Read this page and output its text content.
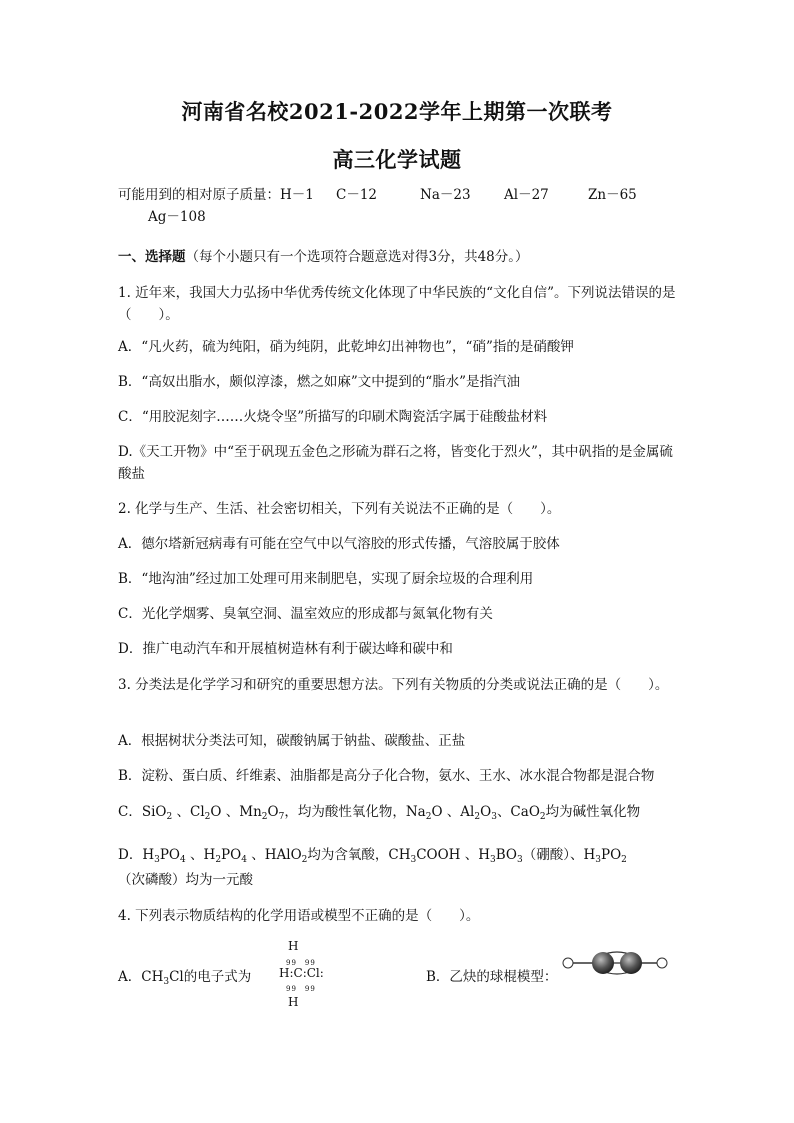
河南省名校2021-2022学年上期第一次联考
高三化学试题
可能用到的相对原子质量：H－1 C－12	Na－23 Al－27	Zn－65
Ag－108
一、选择题（每个小题只有一个选项符合题意选对得3分，共48分。）
1. 近年来，我国大力弘扬中华优秀传统文化体现了中华民族的“文化自信”。下列说法错误的是（　　）。
A．“凡火药，硫为纯阳，硝为纯阴，此乾坤幻出神物也”，“硝”指的是硝酸钾
B．“高奴出脂水，颇似淳漆，燃之如麻”文中提到的“脂水”是指汽油
C．“用胶泥刻字……火烧令坚”所描写的印刷术陶瓷活字属于硅酸盐材料
D.《天工开物》中“至于矾现五金色之形硫为群石之将，皆变化于烈火”，其中矾指的是金属硫酸盐
2. 化学与生产、生活、社会密切相关，下列有关说法不正确的是（　　）。
A．德尔塔新冠病毒有可能在空气中以气溶胶的形式传播，气溶胶属于胶体
B．“地沟油”经过加工处理可用来制肥皂，实现了厨余垃圾的合理利用
C．光化学烟雾、臭氧空洞、温室效应的形成都与氮氧化物有关
D．推广电动汽车和开展植树造林有利于碳达峰和碳中和
3. 分类法是化学学习和研究的重要思想方法。下列有关物质的分类或说法正确的是（　　）。
A．根据树状分类法可知，碳酸钠属于钠盐、碳酸盐、正盐
B．淀粉、蛋白质、纤维素、油脂都是高分子化合物，氨水、王水、冰水混合物都是混合物
C．SiO$_2$ 、$Cl_2O$ 、$Mn_2O_7$，均为酸性氧化物，$Na_2O$ 、$Al_2O_3$、CaO$_2$均为碱性氧化物
D．$H_3PO_4$ 、$H_2PO_4$ 、HAlO$_2$均为含氧酸，$CH_3COOH$ 、$H_3BO_3$（硼酸）、$H_3PO_2$
（次磷酸）均为一元酸
4. 下列表示物质结构的化学用语或模型不正确的是（　　）。
A．$CH_3Cl$的电子式为
H
H:C:Cl:
H
99　99
99　99
B．乙炔的球棍模型：
